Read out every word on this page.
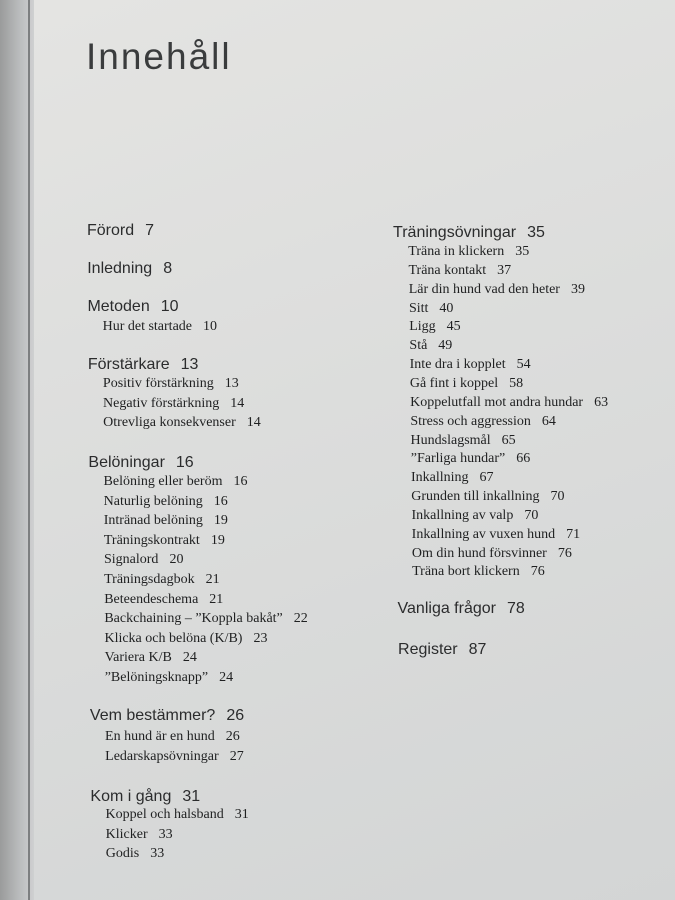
Innehåll
Förord 7
Inledning 8
Metoden 10
Hur det startade 10
Förstärkare 13
Positiv förstärkning 13
Negativ förstärkning 14
Otrevliga konsekvenser 14
Belöningar 16
Belöning eller beröm 16
Naturlig belöning 16
Intränad belöning 19
Träningskontrakt 19
Signalord 20
Träningsdagbok 21
Beteendeschema 21
Backchaining – ”Koppla bakåt” 22
Klicka och belöna (K/B) 23
Variera K/B 24
”Belöningsknapp” 24
Vem bestämmer? 26
En hund är en hund 26
Ledarskapsövningar 27
Kom i gång 31
Koppel och halsband 31
Klicker 33
Godis 33
Träningsövningar 35
Träna in klickern 35
Träna kontakt 37
Lär din hund vad den heter 39
Sitt 40
Ligg 45
Stå 49
Inte dra i kopplet 54
Gå fint i koppel 58
Koppelutfall mot andra hundar 63
Stress och aggression 64
Hundslagsmål 65
”Farliga hundar” 66
Inkallning 67
Grunden till inkallning 70
Inkallning av valp 70
Inkallning av vuxen hund 71
Om din hund försvinner 76
Träna bort klickern 76
Vanliga frågor 78
Register 87
